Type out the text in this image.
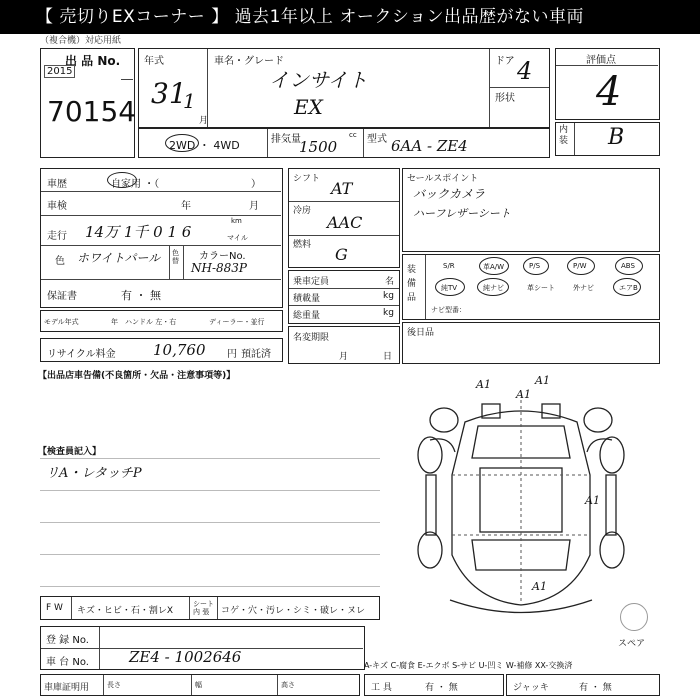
【 売切りEXコーナー 】 過去1年以上 オークション出品歴がない車両
（複合機）対応用紙
出 品 No.
2015
70154
年式
31
1
月
車名・グレード
インサイト
EX
ドア 4
形状
評価点
4
内装 B
2WD ・ 4WD	排気量
1500
cc 型式 6AA - ZE4
車歴	自家用 ・（	）
車検	年	月
走行 14万 1千 0 1 6
km
マイル
色 ホワイトパール 色替 カラーNo.
NH-883P
保証書	有 ・ 無
モデル年式	年 ハンドル 左・右	ディーラー・並行
リサイクル料金 10,760 円 預託済
シフト AT
冷房
AAC
燃料 G
乗車定員	名
積載量	kg
総重量	kg
名変期限
月	日
セールスポイント
バックカメラ
ハーフレザーシート
装備品
S/R	革A/W	P/S	P/W	ABS
純TV	純ナビ	革シート	外ナビ	エアB
ナビ型番：
後日品
【出品店車告備(不良箇所・欠品・注意事項等)】
【検査員記入】
リA・レタッチP
A1	A1
A1
A1
A1
スペア
F W キズ・ヒビ・石・割レX
シート 内 張	コゲ・穴・汚レ・シミ・破レ・ヌレ
登 録 No.
車 台 No.	ZE4 - 1002646	A-キズ C-腐食 E-エクボ S-サビ U-凹ミ W-補修 XX-交換済
車庫証明用	長さ	幅	高さ	工 具	有 ・ 無	ジャッキ	有 ・ 無
